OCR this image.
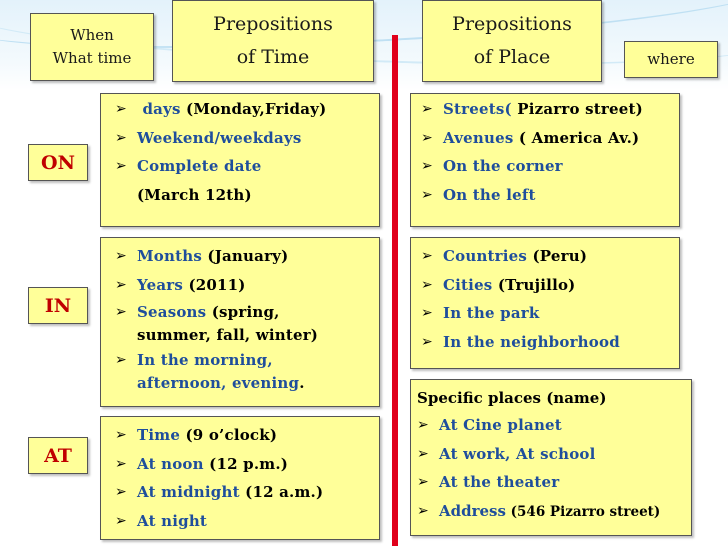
When
What time
Prepositions
of Time
Prepositions
of Place	where
ON
IN
AT
➢ days (Monday,Friday)
➢ Weekend/weekdays
➢ Complete date
(March 12th)
➢ Streets( Pizarro street)
➢ Avenues ( America Av.)
➢ On the corner
➢ On the left
➢ Months (January)
➢ Years (2011)
➢ Seasons (spring,
summer, fall, winter)
➢ In the morning,
afternoon, evening.
➢ Countries (Peru)
➢ Cities (Trujillo)
➢ In the park
➢ In the neighborhood
➢ Time (9 o’clock)
➢ At noon (12 p.m.)
➢ At midnight (12 a.m.)
➢ At night
Specific places (name)
➢ At Cine planet
➢ At work, At school
➢ At the theater
➢ Address (546 Pizarro street)
